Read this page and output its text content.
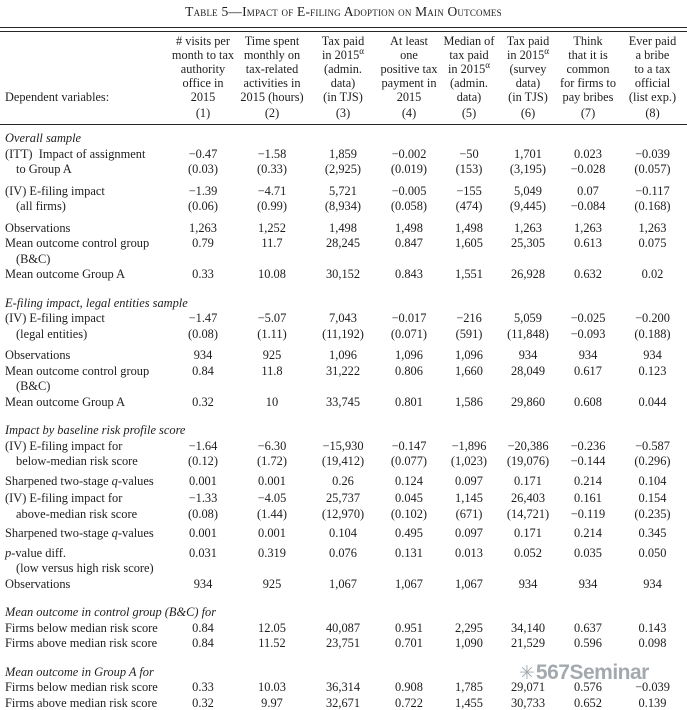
Table 5—Impact of E-filing Adoption on Main Outcomes
Dependent variables:	# visits per
month to tax
authority
office in
2015	Time spent
monthly on
tax-related
activities in
2015 (hours)	Tax paid
in $2015^\alpha$
(admin.
data)
(in TJS)	At least
one
positive tax
payment in
2015	Median of
tax paid
in $2015^\alpha$
(admin.
data)	Tax paid
in $2015^\alpha$
(survey
data)
(in TJS)	Think
that it is
common
for firms to
pay bribes	Ever paid
a bribe
to a tax
official
(list exp.)

	(1)	(2)	(3)	(4)	(5)	(6)	(7)	(8)
Overall sample								
(ITT) Impact of assignment	−0.47	−1.58	1,859	−0.002	−50	1,701	0.023	−0.039
to Group A	(0.03)	(0.33)	(2,925)	(0.019)	(153)	(3,195)	−0.028	(0.057)
(IV) E-filing impact	−1.39	−4.71	5,721	−0.005	−155	5,049	0.07	−0.117
(all firms)	(0.06)	(0.99)	(8,934)	(0.058)	(474)	(9,445)	−0.084	(0.168)
Observations	1,263	1,252	1,498	1,498	1,498	1,263	1,263	1,263
Mean outcome control group	0.79	11.7	28,245	0.847	1,605	25,305	0.613	0.075
(B&C)								
Mean outcome Group A	0.33	10.08	30,152	0.843	1,551	26,928	0.632	0.02
E-filing impact, legal entities sample								
(IV) E-filing impact	−1.47	−5.07	7,043	−0.017	−216	5,059	−0.025	−0.200
(legal entities)	(0.08)	(1.11)	(11,192)	(0.071)	(591)	(11,848)	−0.093	(0.188)
Observations	934	925	1,096	1,096	1,096	934	934	934
Mean outcome control group	0.84	11.8	31,222	0.806	1,660	28,049	0.617	0.123
(B&C)								
Mean outcome Group A	0.32	10	33,745	0.801	1,586	29,860	0.608	0.044
Impact by baseline risk profile score								
(IV) E-filing impact for	−1.64	−6.30	−15,930	−0.147	−1,896	−20,386	−0.236	−0.587
below-median risk score	(0.12)	(1.72)	(19,412)	(0.077)	(1,023)	(19,076)	−0.144	(0.296)
Sharpened two-stage q-values	0.001	0.001	0.26	0.124	0.097	0.171	0.214	0.104
(IV) E-filing impact for	−1.33	−4.05	25,737	0.045	1,145	26,403	0.161	0.154
above-median risk score	(0.08)	(1.44)	(12,970)	(0.102)	(671)	(14,721)	−0.119	(0.235)
Sharpened two-stage q-values	0.001	0.001	0.104	0.495	0.097	0.171	0.214	0.345
p-value diff.	0.031	0.319	0.076	0.131	0.013	0.052	0.035	0.050
(low versus high risk score)								
Observations	934	925	1,067	1,067	1,067	934	934	934
Mean outcome in control group (B&C) for								
Firms below median risk score	0.84	12.05	40,087	0.951	2,295	34,140	0.637	0.143
Firms above median risk score	0.84	11.52	23,751	0.701	1,090	21,529	0.596	0.098
Mean outcome in Group A for								
Firms below median risk score	0.33	10.03	36,314	0.908	1,785	29,071	0.576	−0.039
Firms above median risk score	0.32	9.97	32,671	0.722	1,455	30,733	0.652	0.139
✳ 567Seminar
